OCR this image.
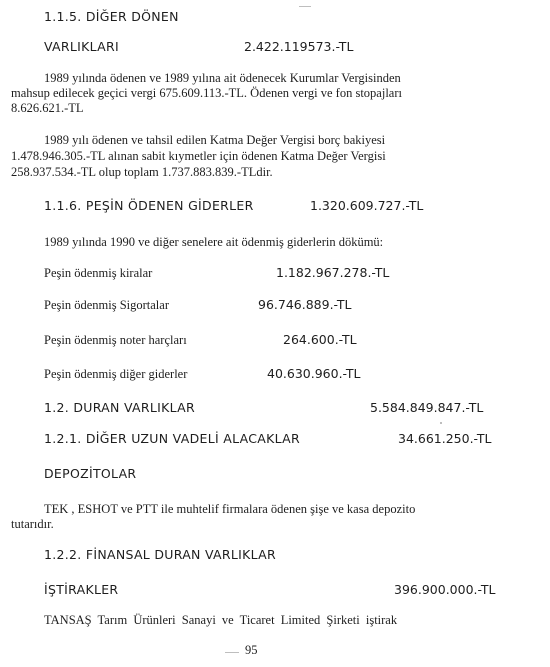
1.1.5. DİĞER DÖNEN
VARLIKLARI	2.422.119573.-TL
1989 yılında ödenen ve 1989 yılına ait ödenecek Kurumlar Vergisinden
mahsup edilecek geçici vergi 675.609.113.-TL. Ödenen vergi ve fon stopajları
8.626.621.-TL
1989 yılı ödenen ve tahsil edilen Katma Değer Vergisi borç bakiyesi
1.478.946.305.-TL alınan sabit kıymetler için ödenen Katma Değer Vergisi
258.937.534.-TL olup toplam 1.737.883.839.-TLdir.
1.1.6. PEŞİN ÖDENEN GİDERLER	1.320.609.727.-TL
1989 yılında 1990 ve diğer senelere ait ödenmiş giderlerin dökümü:
Peşin ödenmiş kiralar	1.182.967.278.-TL
Peşin ödenmiş Sigortalar	96.746.889.-TL
Peşin ödenmiş noter harçları	264.600.-TL
Peşin ödenmiş diğer giderler	40.630.960.-TL
1.2. DURAN VARLIKLAR	5.584.849.847.-TL
1.2.1. DİĞER UZUN VADELİ ALACAKLAR	34.661.250.-TL
DEPOZİTOLAR
TEK , ESHOT ve PTT ile muhtelif firmalara ödenen şişe ve kasa depozito
tutarıdır.
1.2.2. FİNANSAL DURAN VARLIKLAR
İŞTİRAKLER	396.900.000.-TL
TANSAŞ Tarım Ürünleri Sanayi ve Ticaret Limited Şirketi iştirak
95
